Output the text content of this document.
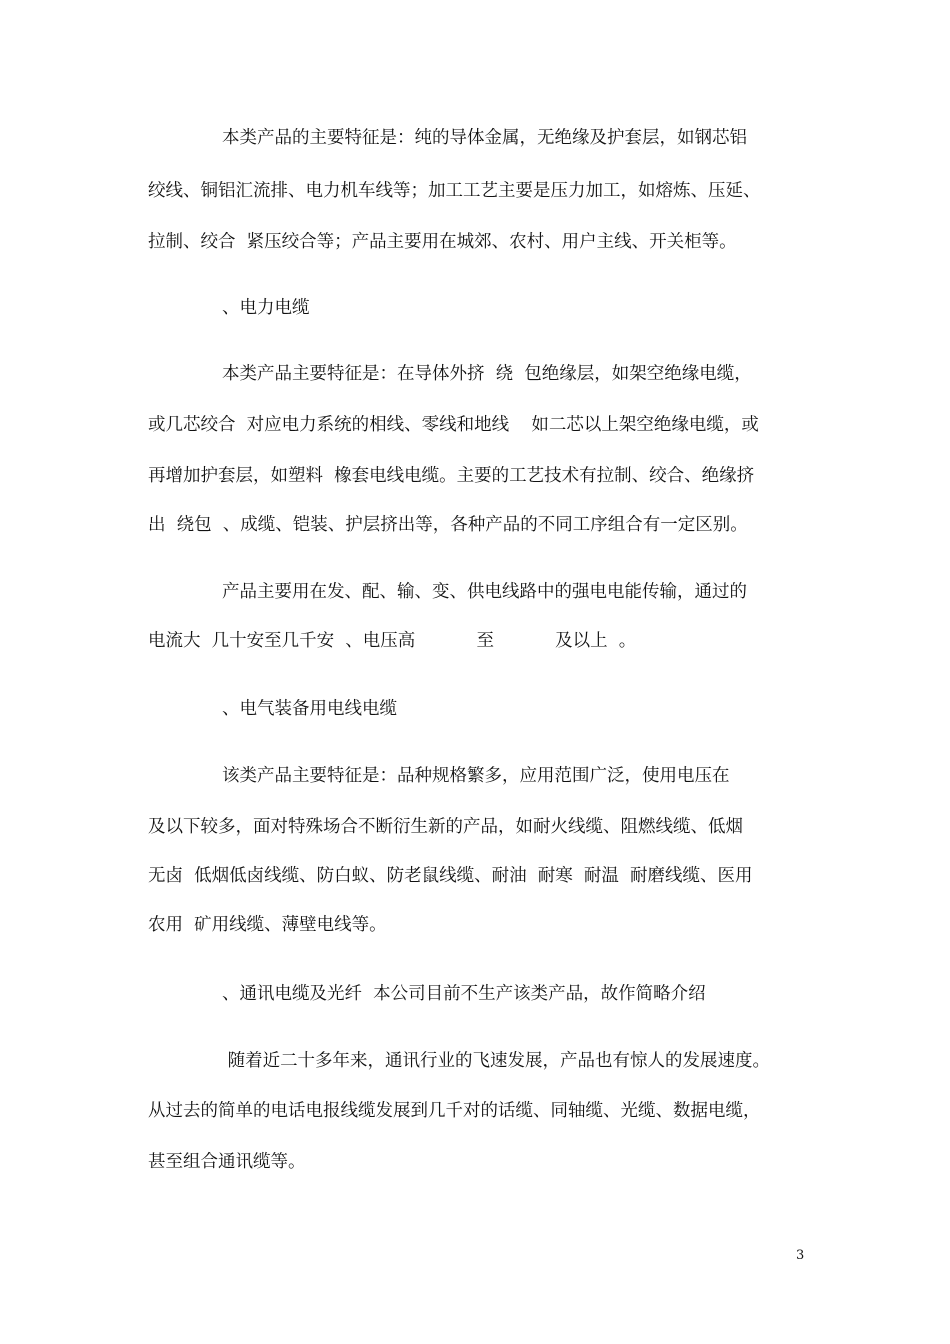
本类产品的主要特征是：纯的导体金属，无绝缘及护套层，如钢芯铝
绞线、铜铝汇流排、电力机车线等；加工工艺主要是压力加工，如熔炼、压延、
拉制、绞合  紧压绞合等；产品主要用在城郊、农村、用户主线、开关柜等。
、电力电缆
本类产品主要特征是：在导体外挤  绕  包绝缘层，如架空绝缘电缆，
或几芯绞合  对应电力系统的相线、零线和地线    如二芯以上架空绝缘电缆，或
再增加护套层，如塑料  橡套电线电缆。主要的工艺技术有拉制、绞合、绝缘挤
出  绕包  、成缆、铠装、护层挤出等，各种产品的不同工序组合有一定区别。
产品主要用在发、配、输、变、供电线路中的强电电能传输，通过的
电流大  几十安至几千安  、电压高           至           及以上  。
、电气装备用电线电缆
该类产品主要特征是：品种规格繁多，应用范围广泛，使用电压在
及以下较多，面对特殊场合不断衍生新的产品，如耐火线缆、阻燃线缆、低烟
无卤  低烟低卤线缆、防白蚁、防老鼠线缆、耐油  耐寒  耐温  耐磨线缆、医用
农用  矿用线缆、薄壁电线等。
、通讯电缆及光纤  本公司目前不生产该类产品，故作简略介绍
随着近二十多年来，通讯行业的飞速发展，产品也有惊人的发展速度。
从过去的简单的电话电报线缆发展到几千对的话缆、同轴缆、光缆、数据电缆，
甚至组合通讯缆等。
3
